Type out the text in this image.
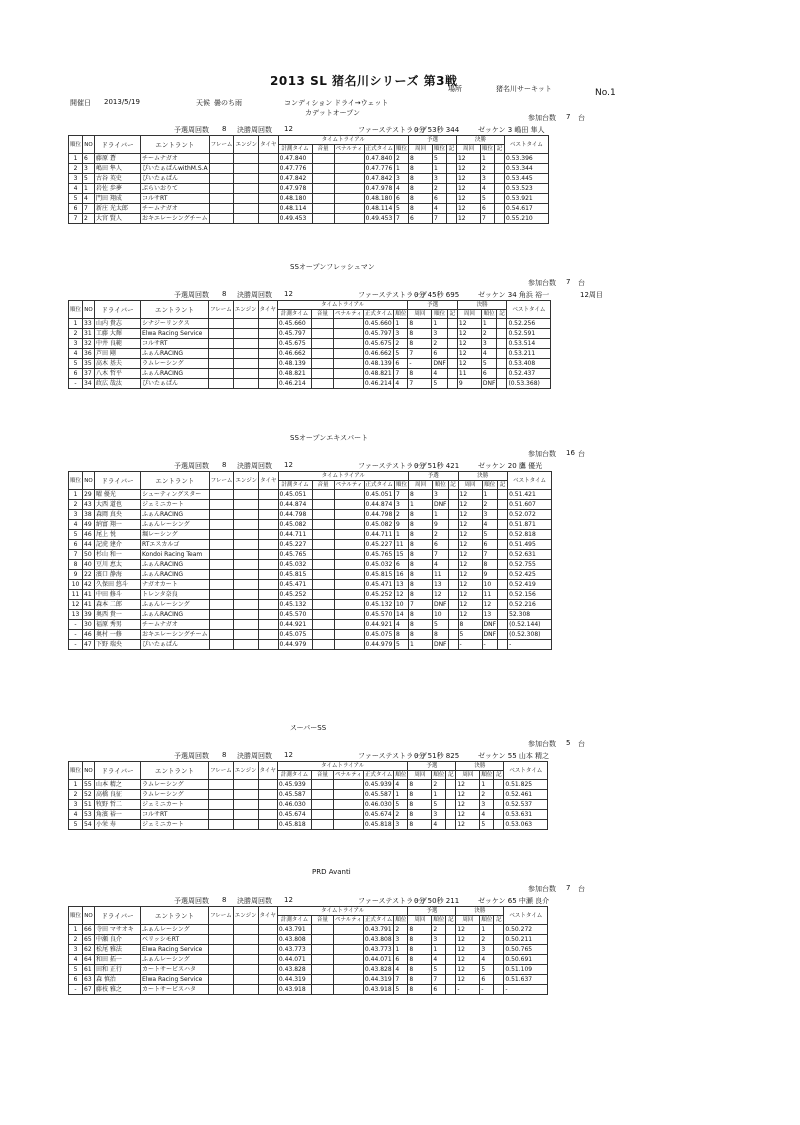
2013 SL 猪名川シリーズ 第3戦
場所	猪名川サーキット	No.1
開催日 2013/5/19	天候 曇のち雨	コンディション ドライ→ウェット
カデットオープン
参加台数 7 台
予選周回数 8 決勝周回数 12	ファーステストラップ
0分 53秒 344	ゼッケン 3 嶋田 隼人
順位	NO	ドライバー	エントラント	フレーム	エンジン	タイヤ	タイムトライアル					予選			決勝			ベストタイム
							計測タイム	音量	ペナルティ	正式タイム	順位	周回	順位	記	周回	順位	記	
1	6	藤原 蒼	チームナガオ				0.47.840			0.47.840	2	8	5		12	1		0.53.396
2	3	嶋田 隼人	ぴいたぁぱんwithM.S.A				0.47.776			0.47.776	1	8	1		12	2		0.53.344
3	5	古谷 英史	ぴいたぁぱん				0.47.842			0.47.842	3	8	3		12	3		0.53.445
4	1	岩佐 歩夢	ぷらいおりて				0.47.978			0.47.978	4	8	2		12	4		0.53.523
5	4	門田 翔成	コルサRT				0.48.180			0.48.180	6	8	6		12	5		0.53.921
6	7	新庄 光太郎	チームナガオ				0.48.114			0.48.114	5	8	4		12	6		0.54.617
7	2	大宮 賢人	おキエレーシングチーム				0.49.453			0.49.453	7	6	7		12	7		0.55.210
SSオープンフレッシュマン
参加台数 7 台
予選周回数 8 決勝周回数 12	ファーステストラップ
0分 45秒 695	ゼッケン 34 角浜 裕一	12周目
順位	NO	ドライバー	エントラント	フレーム	エンジン	タイヤ	タイムトライアル					予選			決勝			ベストタイム
							計測タイム	音量	ペナルティ	正式タイム	順位	周回	順位	記	周回	順位	記	
1	33	山内 貴志	シナジーリンクス				0.45.660			0.45.660	1	8	1		12	1		0.52.256
2	31	工藤 大輝	Elwa Racing Service				0.45.797			0.45.797	3	8	3		12	2		0.52.591
3	32	中井 良範	コルサRT				0.45.675			0.45.675	2	8	2		12	3		0.53.514
4	36	芦田 剛	ふぁんRACING				0.46.662			0.46.662	5	7	6		12	4		0.53.211
5	35	高木 基夫	ラムレーシング				0.48.139			0.48.139	6	-	DNF		12	5		0.53.408
6	37	八木 哲平	ふぁんRACING				0.48.821			0.48.821	7	8	4		11	6		0.52.437
-	34	政広 哉汰	ぴいたぁぱん				0.46.214			0.46.214	4	7	5		9	DNF		(0.53.368)
SSオープンエキスパート
参加台数 16 台
予選周回数 8 決勝周回数 12	ファーステストラップ
0分 51秒 421	ゼッケン 20 鷹 優光
順位	NO	ドライバー	エントラント	フレーム	エンジン	タイヤ	タイムトライアル					予選			決勝			ベストタイム
							計測タイム	音量	ペナルティ	正式タイム	順位	周回	順位	記	周回	順位	記	
1	29	曜 優光	シューティングスター				0.45.051			0.45.051	7	8	3		12	1		0.51.421
2	43	大西 道也	ジェミニカート				0.44.874			0.44.874	3	1	DNF		12	2		0.51.607
3	38	森岡 真央	ふぁんRACING				0.44.798			0.44.798	2	8	1		12	3		0.52.072
4	49	納富 翔一	ふぁんレーシング				0.45.082			0.45.082	9	8	9		12	4		0.51.871
5	46	尾上 悦	堀レーシング				0.44.711			0.44.711	1	8	2		12	5		0.52.818
6	44	記虎 建介	RTエスカルゴ				0.45.227			0.45.227	11	8	6		12	6		0.51.495
7	50	杉山 和一	Kondoi Racing Team				0.45.765			0.45.765	15	8	7		12	7		0.52.631
8	40	豆川 恵太	ふぁんRACING				0.45.032			0.45.032	6	8	4		12	8		0.52.755
9	22	濱口 静海	ふぁんRACING				0.45.815			0.45.815	16	8	11		12	9		0.52.425
10	42	久保田 悠斗	ナガオカート				0.45.471			0.45.471	13	8	13		12	10		0.52.419
11	41	中田 修斗	トレンタ奈良				0.45.252			0.45.252	12	8	12		12	11		0.52.156
12	41	森本 二郎	ふぁんレーシング				0.45.132			0.45.132	10	7	DNF		12	12		0.52.216
13	39	奥西 貴一	ふぁんRACING				0.45.570			0.45.570	14	8	10		12	13		52.308
-	30	福原 秀男	チームナガオ				0.44.921			0.44.921	4	8	5		8	DNF		(0.52.144)
-	46	奥村 一修	おキエレーシングチーム				0.45.075			0.45.075	8	8	8		5	DNF		(0.52.308)
-	47	下野 瑞央	ぴいたぁぱん				0.44.979			0.44.979	5	1	DNF		-	-		-
スーパーSS
参加台数 5 台
予選周回数 8 決勝周回数 12	ファーステストラップ
0分 51秒 825	ゼッケン 55 山本 精之
順位	NO	ドライバー	エントラント	フレーム	エンジン	タイヤ	タイムトライアル					予選			決勝			ベストタイム
							計測タイム	音量	ペナルティ	正式タイム	順位	周回	順位	記	周回	順位	記	
1	55	山本 精之	ラムレーシング				0.45.939			0.45.939	4	8	2		12	1		0.51.825
2	52	高橋 良征	ラムレーシング				0.45.587			0.45.587	1	8	1		12	2		0.52.461
3	51	牧野 哲二	ジェミニカート				0.46.030			0.46.030	5	8	5		12	3		0.52.537
4	53	角濱 裕一	コルサRT				0.45.674			0.45.674	2	8	3		12	4		0.53.631
5	54	小栄 寿	ジェミニカート				0.45.818			0.45.818	3	8	4		12	5		0.53.063
PRD Avanti
参加台数 7 台
予選周回数 8 決勝周回数 12	ファーステストラップ
0分 50秒 211	ゼッケン 65 中瀬 良介
順位	NO	ドライバー	エントラント	フレーム	エンジン	タイヤ	タイムトライアル					予選			決勝			ベストタイム
							計測タイム	音量	ペナルティ	正式タイム	順位	周回	順位	記	周回	順位	記	
1	66	寺田 マサオキ	ふぁんレーシング				0.43.791			0.43.791	2	8	2		12	1		0.50.272
2	65	中瀬 良介	ベリッシモRT				0.43.808			0.43.808	3	8	3		12	2		0.50.211
3	62	松尾 雅法	Elwa Racing Service				0.43.773			0.43.773	1	8	1		12	3		0.50.765
4	64	和田 拓一	ふぁんレーシング				0.44.071			0.44.071	6	8	4		12	4		0.50.691
5	61	田和 正行	カートサービスハタ				0.43.828			0.43.828	4	8	5		12	5		0.51.109
6	63	森 慎治	Elwa Racing Service				0.44.319			0.44.319	7	8	7		12	6		0.51.637
-	67	藤枝 雅之	カートサービスハタ				0.43.918			0.43.918	5	8	6		-	-		-
